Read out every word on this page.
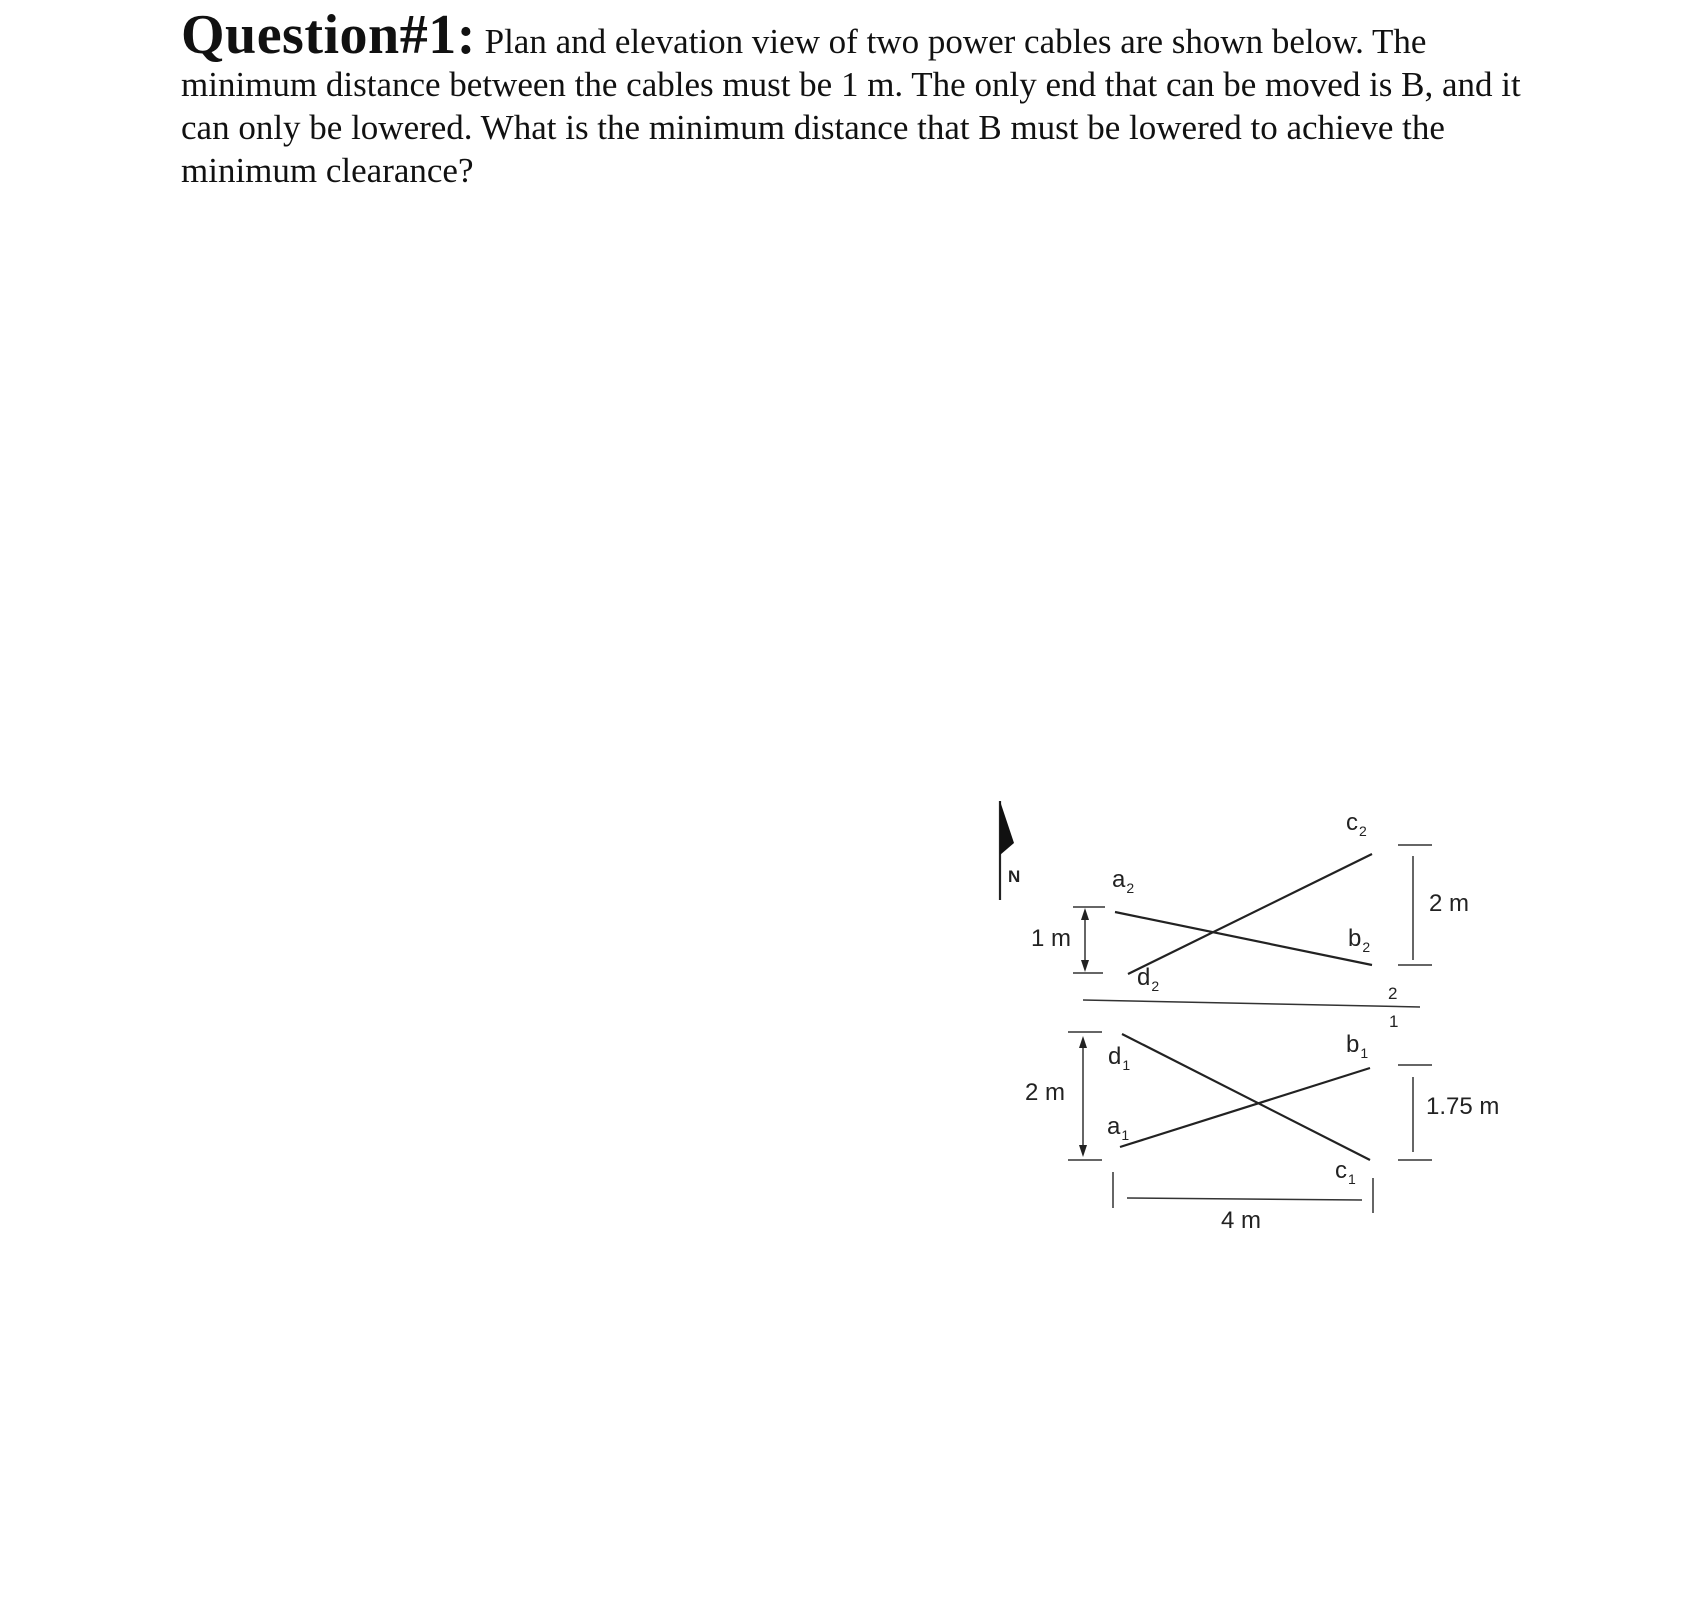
Question#1: Plan and elevation view of two power cables are shown below. The minimum distance between the cables must be 1 m. The only end that can be moved is B, and it can only be lowered. What is the minimum distance that B must be lowered to achieve the minimum clearance?
N	$a_2$
$c_2$
$b_2$
$d_2$
1 m
2 m
2
1
$d_1$
$b_1$
$a_1$
$c_1$
2 m
1.75 m
4 m
